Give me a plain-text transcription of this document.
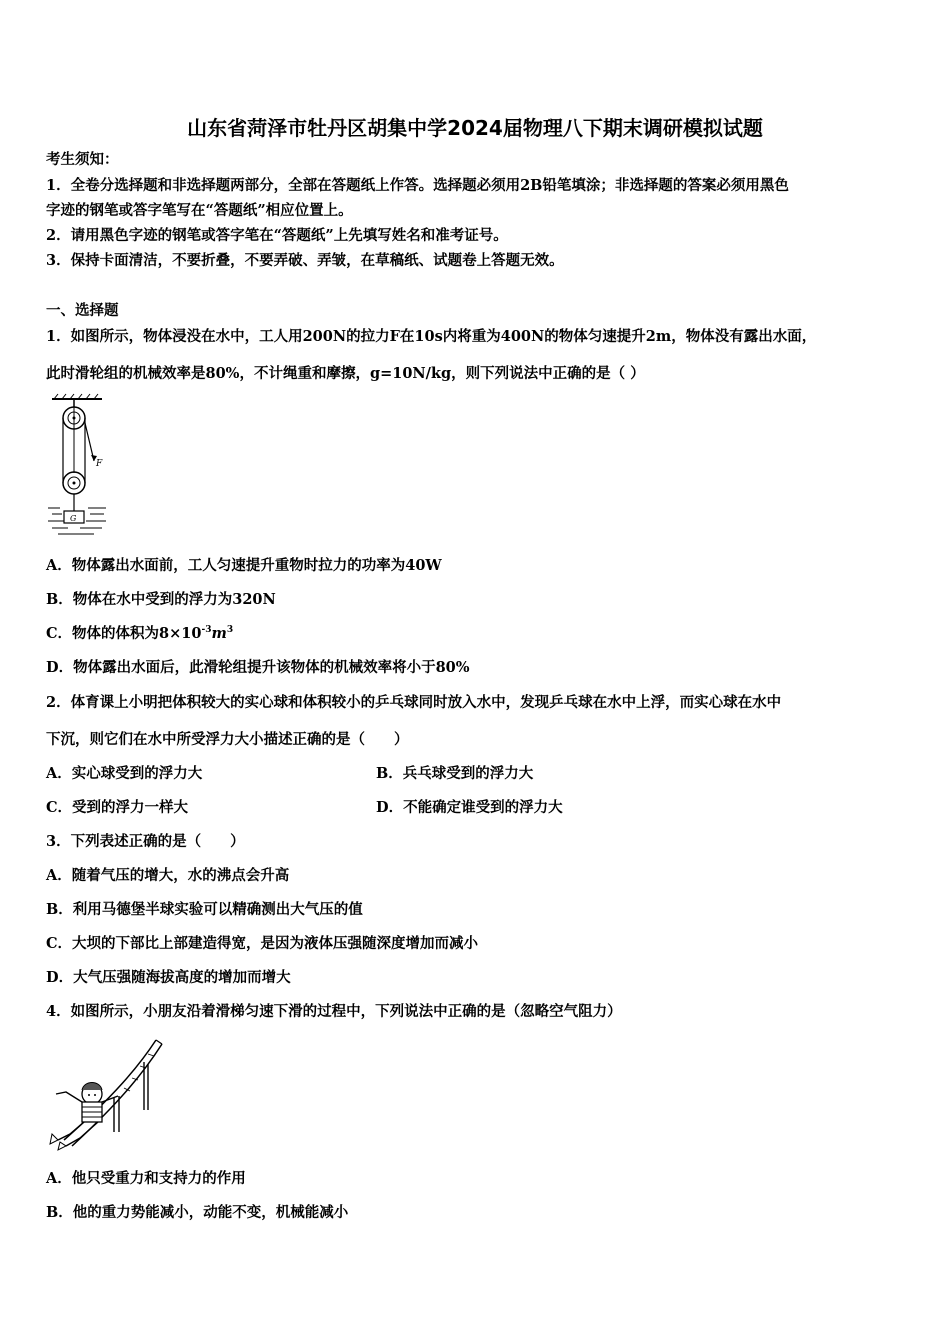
山东省菏泽市牡丹区胡集中学2024届物理八下期末调研模拟试题
考生须知：
1．全卷分选择题和非选择题两部分，全部在答题纸上作答。选择题必须用2B铅笔填涂；非选择题的答案必须用黑色
字迹的钢笔或答字笔写在“答题纸”相应位置上。
2．请用黑色字迹的钢笔或答字笔在“答题纸”上先填写姓名和准考证号。
3．保持卡面清洁，不要折叠，不要弄破、弄皱，在草稿纸、试题卷上答题无效。
一、选择题
1．如图所示，物体浸没在水中，工人用200N的拉力F在10s内将重为400N的物体匀速提升2m，物体没有露出水面，
此时滑轮组的机械效率是80%，不计绳重和摩擦，g=10N/kg，则下列说法中正确的是（ ）
F
G
A．物体露出水面前，工人匀速提升重物时拉力的功率为40W
B．物体在水中受到的浮力为320N
C．物体的体积为$8\times 10^{-3}m^3$
D．物体露出水面后，此滑轮组提升该物体的机械效率将小于80%
2．体育课上小明把体积较大的实心球和体积较小的乒乓球同时放入水中，发现乒乓球在水中上浮，而实心球在水中
下沉，则它们在水中所受浮力大小描述正确的是（　　）
A．实心球受到的浮力大	B．兵乓球受到的浮力大
C．受到的浮力一样大	D．不能确定谁受到的浮力大
3．下列表述正确的是（　　）
A．随着气压的增大，水的沸点会升高
B．利用马德堡半球实验可以精确测出大气压的值
C．大坝的下部比上部建造得宽，是因为液体压强随深度增加而减小
D．大气压强随海拔高度的增加而增大
4．如图所示，小朋友沿着滑梯匀速下滑的过程中，下列说法中正确的是（忽略空气阻力）
A．他只受重力和支持力的作用
B．他的重力势能减小，动能不变，机械能减小
